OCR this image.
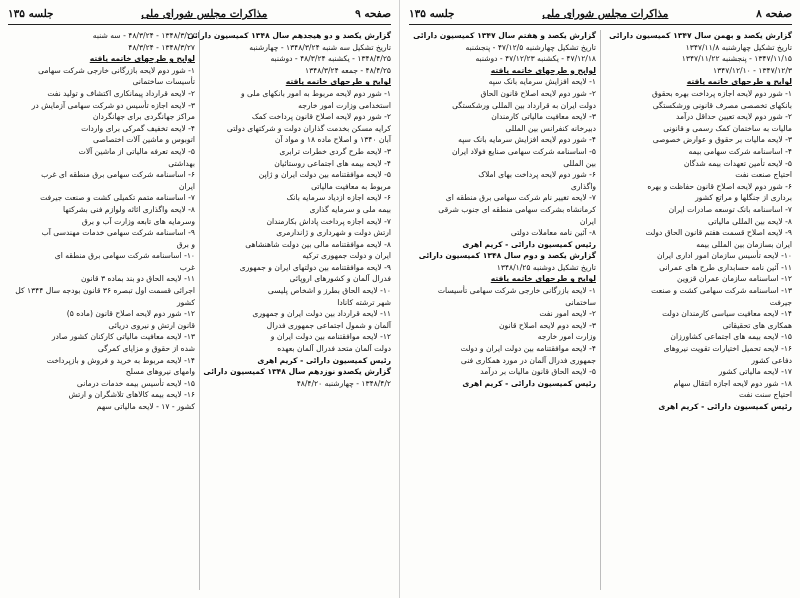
صفحه ۹
مذاکرات مجلس شورای ملی
جلسه ۱۳۵
گزارش یکصد و دو هیجدهم سال ۱۳۴۸ کمیسیون دارائی
تاریخ تشکیل سه شنبه ۱۳۴۸/۳/۲۴ - چهارشنبه
۱۳۴۸/۴/۲۵ - یکشنبه ۴۸/۳/۲۴ - دوشنبه
۴۸/۴/۲۵ - جمعه ۱۳۴۸/۳/۲۴
لوایح و طرحهای خاتمه یافته
۱- شور دوم لایحه مربوط به امور بانکهای ملی و
استخدامی وزارت امور خارجه
۲- شور دوم لایحه اصلاح قانون پرداخت کمک
کرایه مسکن بخدمت گذاران دولت و شرکتهای دولتی
آبان ۱۳۴۰ و اصلاح ماده ۱۸ و مواد آن
۳- لایحه طرح گردی خطرات ترابری
۴- لایحه بیمه های اجتماعی روستائیان
۵- لایحه موافقتنامه بین دولت ایران و ژاپن
مربوط به معافیت مالیاتی
۶- لایحه اجازه ازدیاد سرمایه بانک
بیمه ملی و سرمایه گذاری
۷- لایحه اجازه پرداخت پاداش بکارمندان
ارتش دولت و شهرداری و ژاندارمری
۸- لایحه موافقتنامه مالی بین دولت شاهنشاهی
ایران و دولت جمهوری ترکیه
۹- لایحه موافقتنامه بین دولتهای ایران و جمهوری
فدرال آلمان و کشورهای اروپائی
۱۰- لایحه الحاق بطرز و اشخاص پلیسی
شهر ترشته کانادا
۱۱- لایحه قرارداد بین دولت ایران و جمهوری
آلمان و شمول اجتماعی جمهوری فدرال
۱۲- لایحه موافقتنامه بین دولت ایران و
دولت آلمان متحد فدرال آلمان بعهده
رئیس کمیسیون دارائی - کریم اهری
گزارش یکصدو نوزدهم سال ۱۳۴۸ کمیسیون دارائی
۱۳۴۸/۴/۲ - چهارشنبه ۴۸/۴/۲۰
۱۳۴۸/۳/۲۷ - ۴۸/۳/۲۴ - سه شنبه
۱۳۴۸/۳/۲۷ - ۴۸/۳/۲۴
لوایح و طرحهای خاتمه یافته
۱- شور دوم لایحه بازرگانی خارجی شرکت سهامی
تأسیسات ساختمانی
۲- لایحه قرارداد پیمانکاری اکتشاف و تولید نفت
۳- لایحه اجازه تأسیس دو شرکت سهامی آزمایش در
مراکز جهانگردی برای جهانگردان
۴- لایحه تخفیف گمرکی برای واردات
اتوبوس و ماشین آلات اختصاصی
۵- لایحه تعرفه مالیاتی از ماشین آلات
بهداشتی
۶- اساسنامه شرکت سهامی برق منطقه ای غرب
ایران
۷- اساسنامه متمم تکمیلی کشت و صنعت جیرفت
۸- لایحه واگذاری اثاثه ولوازم فنی بشرکتها
وسرمایه های تابعه وزارت آب و برق
۹- اساسنامه شرکت سهامی خدمات مهندسی آب
و برق
۱۰- اساسنامه شرکت سهامی برق منطقه ای
غرب
۱۱- لایحه الحاق دو بند بماده ۳ قانون
اجرائی قسمت اول تبصره ۳۶ قانون بودجه سال ۱۳۴۴ کل
کشور
۱۲- شور دوم لایحه اصلاح قانون (ماده ۵)
قانون ارتش و نیروی دریائی
۱۳- لایحه معافیت مالیاتی کارکنان کشور صادر
شده از حقوق و مزایای کمرگی
۱۴- لایحه مربوط به خرید و فروش و بازپرداخت
وامهای نیروهای مسلح
۱۵- لایحه تأسیس بیمه خدمات درمانی
۱۶- لایحه بیمه کالاهای تلاشگران و ارتش
کشور - ۱۷ - لایحه مالیاتی سهم
صفحه ۸
مذاکرات مجلس شورای ملی
جلسه ۱۳۵
گزارش یکصد و بهمن سال ۱۳۴۷ کمیسیون دارائی
تاریخ تشکیل چهارشنبه ۱۳۴۷/۱۱/۸
۱۳۴۷/۱۱/۱۵ - پنجشنبه ۱۳۴۷/۱۱/۲۲
۱۳۴۷/۱۲/۳ - ۱۳۴۷/۱۲/۱۰
لوایح و طرحهای خاتمه یافته
۱- شور دوم لایحه اجازه پرداخت بهره بحقوق
بانکهای تخصصی مصرف قانونی ورشکستگی
۲- شور دوم لایحه تعیین حداقل درآمد
مالیات به ساختمان کمک رسمی و قانونی
۳- لایحه مالیات بر حقوق و عوارض خصوصی
۴- اساسنامه شرکت سهامی بیمه
۵- لایحه تأمین تعهدات بیمه شدگان
احتیاج صنعت نفت
۶- شور دوم لایحه اصلاح قانون حفاظت و بهره
برداری از جنگلها و مراتع کشور
۷- اساسنامه بانک توسعه صادرات ایران
۸- لایحه بین المللی مالیاتی
۹- لایحه اصلاح قسمت هفتم قانون الحاق دولت
ایران بسازمان بین المللی بیمه
۱۰- لایحه تأسیس سازمان امور اداری ایران
۱۱- آئین نامه حسابداری طرح های عمرانی
۱۲- اساسنامه سازمان عمران قزوین
۱۳- اساسنامه شرکت سهامی کشت و صنعت
جیرفت
۱۴- لایحه معافیت سیاسی کارمندان دولت
همکاری های تحقیقاتی
۱۵- لایحه بیمه های اجتماعی کشاورزان
۱۶- لایحه تحمیل اختیارات تقویت نیروهای
دفاعی کشور
۱۷- لایحه مالیاتی کشور
۱۸- شور دوم لایحه اجازه انتقال سهام
احتیاج سنت نفت
رئیس کمیسیون دارائی - کریم اهری
گزارش یکصد و هفتم سال ۱۳۴۷ کمیسیون دارائی
تاریخ تشکیل چهارشنبه ۴۷/۱۲/۵ - پنجشنبه
۴۷/۱۲/۱۸ - یکشنبه ۴۷/۱۲/۲۳ - دوشنبه
لوایح و طرحهای خاتمه یافته
۱- لایحه افزایش سرمایه بانک سپه
۲- شور دوم لایحه اصلاح قانون الحاق
دولت ایران به قرارداد بین المللی ورشکستگی
۳- لایحه معافیت مالیاتی کارمندان
دبیرخانه کنفرانس بین المللی
۴- شور دوم لایحه افزایش سرمایه بانک سپه
۵- اساسنامه شرکت سهامی صنایع فولاد ایران
بین المللی
۶- شور دوم لایحه پرداخت بهای املاک
واگذاری
۷- لایحه تغییر نام شرکت سهامی برق منطقه ای
کرمانشاه بشرکت سهامی منطقه ای جنوب شرقی
ایران
۸- آئین نامه معاملات دولتی
رئیس کمیسیون دارائی - کریم اهری
گزارش یکصد و دوم سال ۱۳۴۸ کمیسیون دارائی
تاریخ تشکیل دوشنبه ۱۳۴۸/۱/۲۵
لوایح و طرحهای خاتمه یافته
۱- لایحه بازرگانی خارجی شرکت سهامی تأسیسات
ساختمانی
۲- لایحه امور نفت
۳- لایحه دوم لایحه اصلاح قانون
وزارت امور خارجه
۴- لایحه موافقتنامه بین دولت ایران و دولت
جمهوری فدرال آلمان در مورد همکاری فنی
۵- لایحه الحاق قانون مالیات بر درآمد
رئیس کمیسیون دارائی - کریم اهری
